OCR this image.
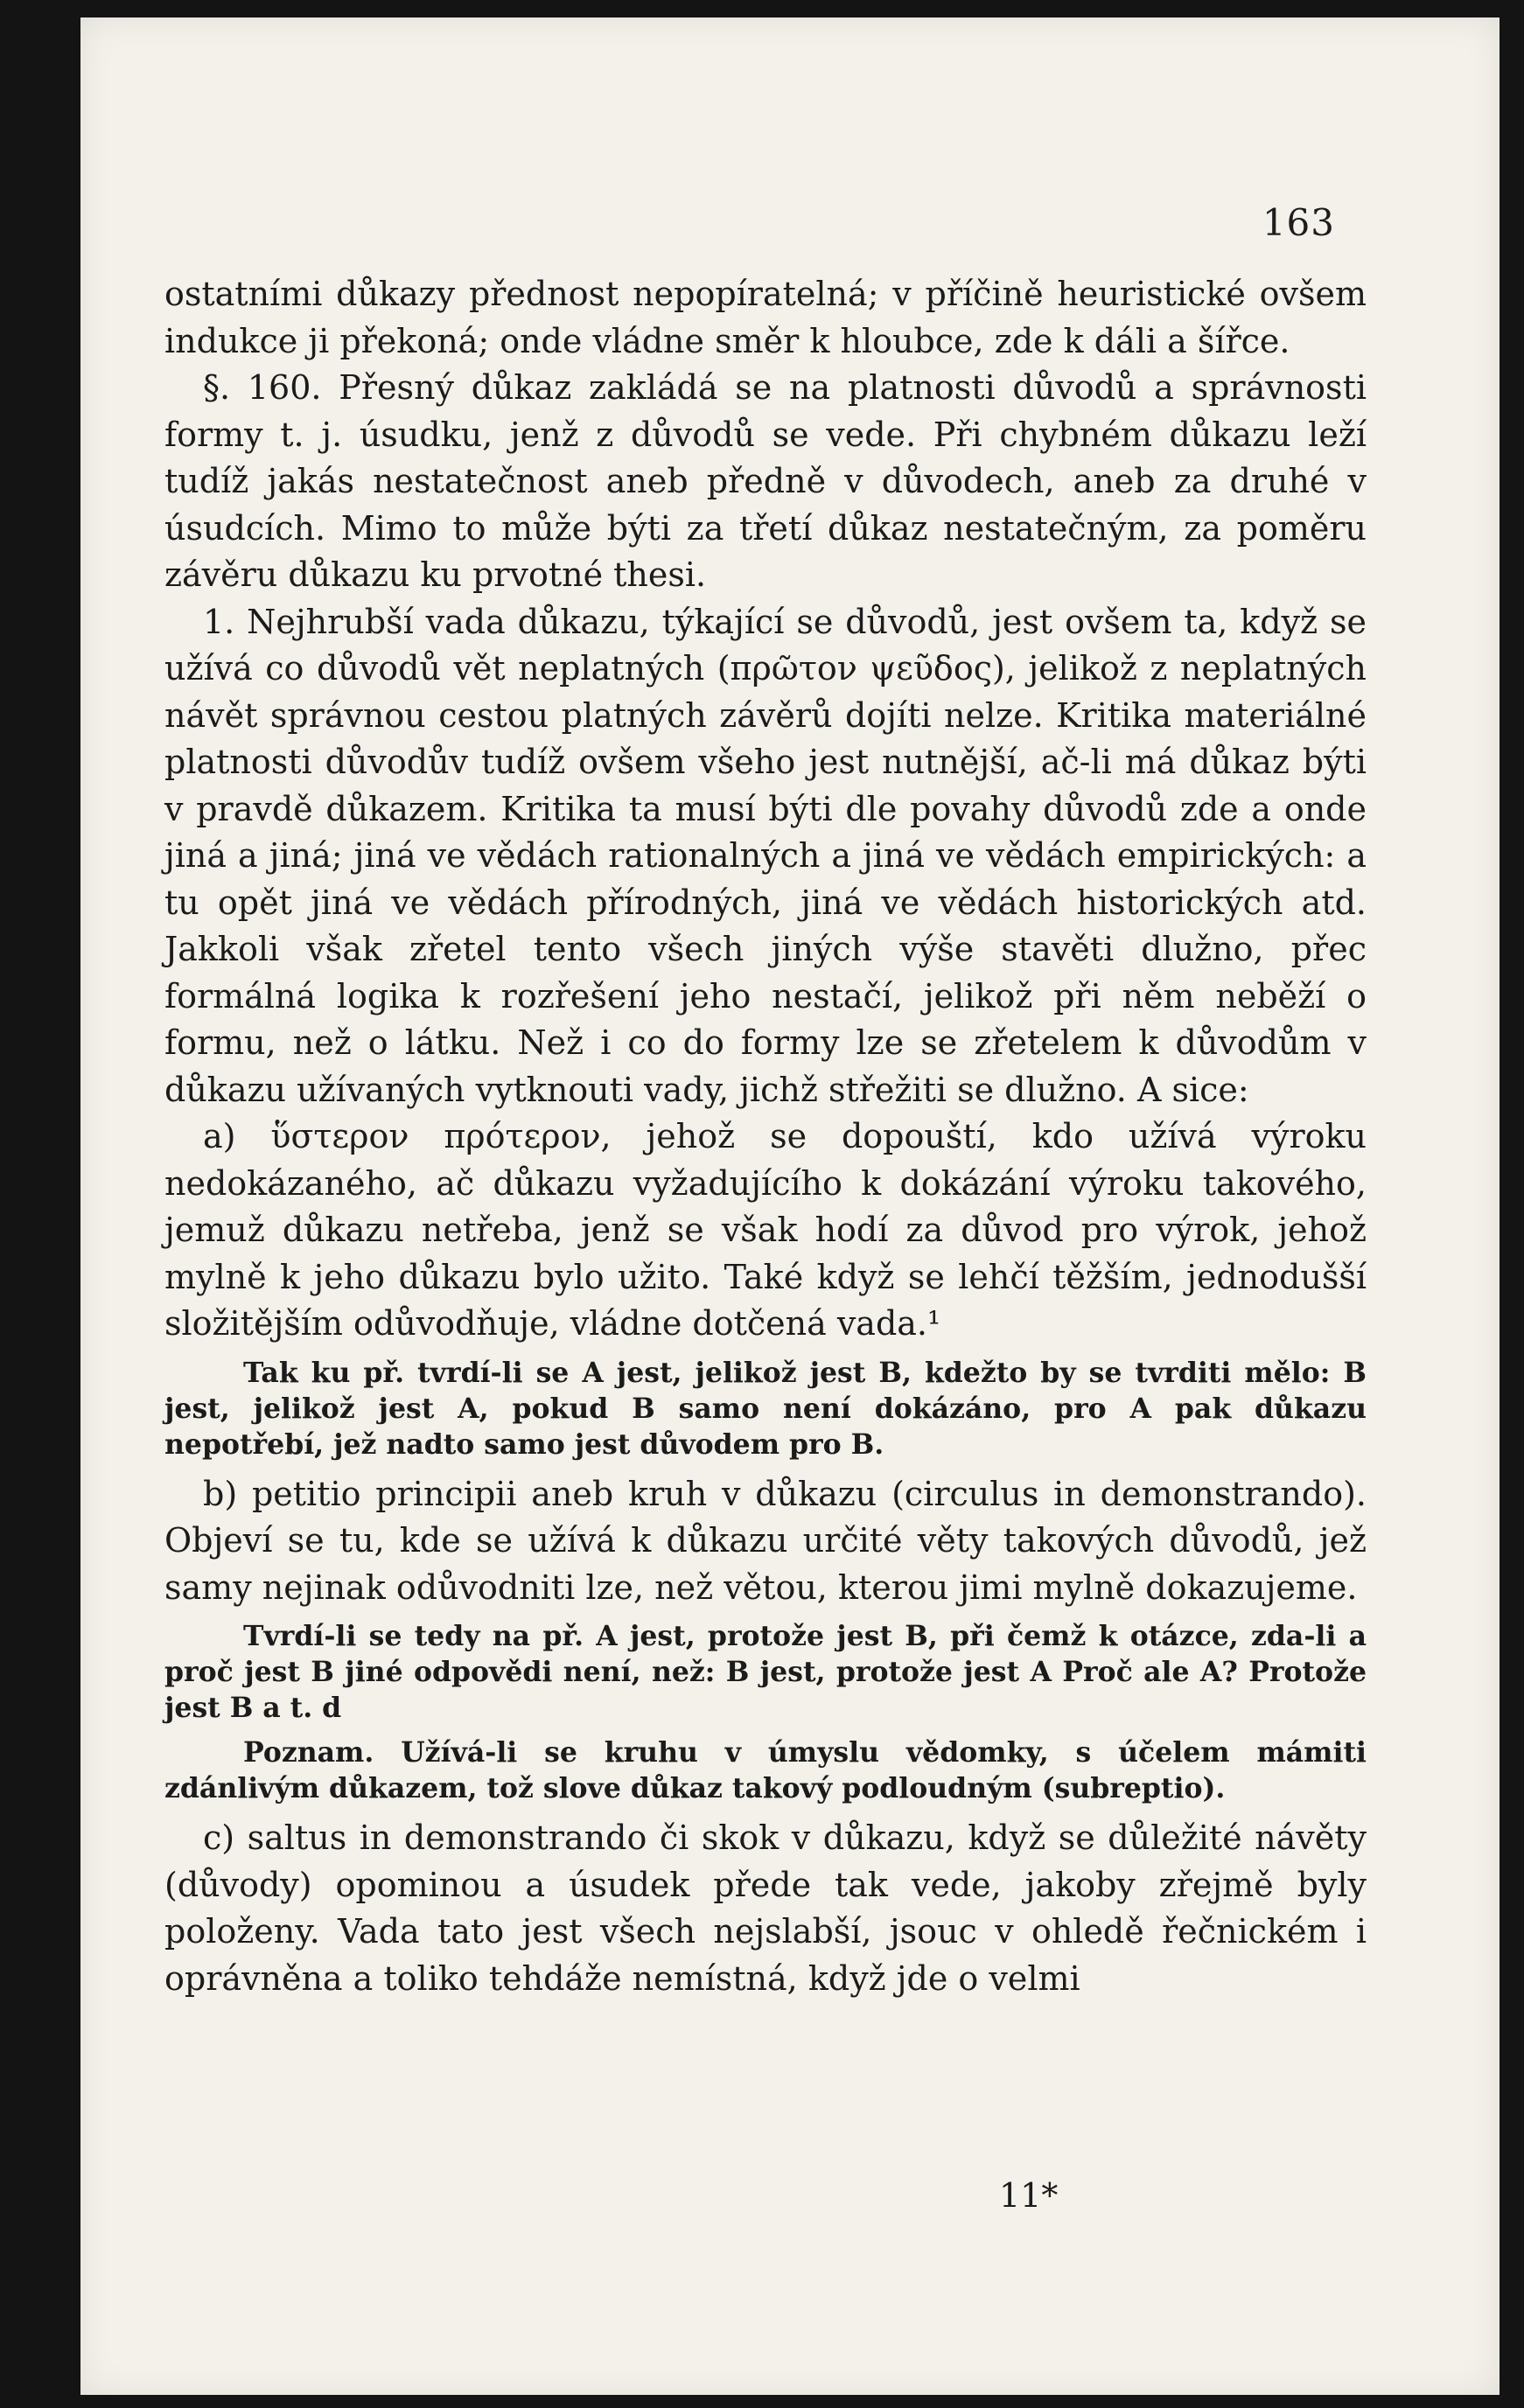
163

ostatními důkazy přednost nepopíratelná; v příčině heuristické ovšem indukce ji překoná; onde vládne směr k hloubce, zde k dáli a šířce.

§. 160. Přesný důkaz zakládá se na platnosti důvodů a správnosti formy t. j. úsudku, jenž z důvodů se vede. Při chybném důkazu leží tudíž jakás nestatečnost aneb předně v důvodech, aneb za druhé v úsudcích. Mimo to může býti za třetí důkaz nestatečným, za poměru závěru důkazu ku prvotné thesi.

1. Nejhrubší vada důkazu, týkající se důvodů, jest ovšem ta, když se užívá co důvodů vět neplatných (πρῶτον ψεῦδος), jelikož z neplatných návět správnou cestou platných závěrů dojíti nelze. Kritika materiálné platnosti důvodův tudíž ovšem všeho jest nutnější, ač-li má důkaz býti v pravdě důkazem. Kritika ta musí býti dle povahy důvodů zde a onde jiná a jiná; jiná ve vědách rationalných a jiná ve vědách empirických: a tu opět jiná ve vědách přírodných, jiná ve vědách historických atd. Jakkoli však zřetel tento všech jiných výše stavěti dlužno, přec formálná logika k rozřešení jeho nestačí, jelikož při něm neběží o formu, než o látku. Než i co do formy lze se zřetelem k důvodům v důkazu užívaných vytknouti vady, jichž střežiti se dlužno. A sice:

a) ὕστερον πρότερον, jehož se dopouští, kdo užívá výroku nedokázaného, ač důkazu vyžadujícího k dokázání výroku takového, jemuž důkazu netřeba, jenž se však hodí za důvod pro výrok, jehož mylně k jeho důkazu bylo užito. Také když se lehčí těžším, jednodušší složitějším odůvodňuje, vládne dotčená vada.¹

Tak ku př. tvrdí-li se A jest, jelikož jest B, kdežto by se tvrditi mělo: B jest, jelikož jest A, pokud B samo není dokázáno, pro A pak důkazu nepotřebí, jež nadto samo jest důvodem pro B.

b) petitio principii aneb kruh v důkazu (circulus in demonstrando). Objeví se tu, kde se užívá k důkazu určité věty takových důvodů, jež samy nejinak odůvodniti lze, než větou, kterou jimi mylně dokazujeme.

Tvrdí-li se tedy na př. A jest, protože jest B, při čemž k otázce, zda-li a proč jest B jiné odpovědi není, než: B jest, protože jest A Proč ale A? Protože jest B a t. d

Poznam. Užívá-li se kruhu v úmyslu vědomky, s účelem mámiti zdánlivým důkazem, tož slove důkaz takový podloudným (subreptio).

c) saltus in demonstrando či skok v důkazu, když se důležité návěty (důvody) opominou a úsudek přede tak vede, jakoby zřejmě byly položeny. Vada tato jest všech nejslabší, jsouc v ohledě řečnickém i oprávněna a toliko tehdáže nemístná, když jde o velmi

11*
